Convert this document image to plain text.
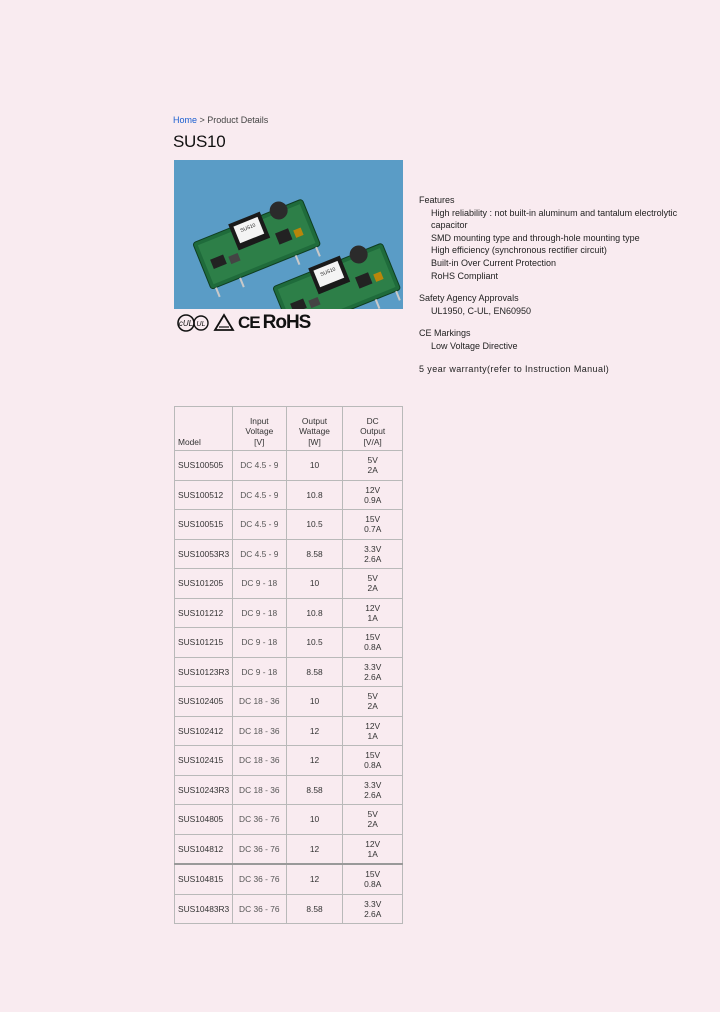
Home > Product Details
SUS10
SUS10
SUS10
cUL UL CE RoHS
Features
High reliability : not built-in aluminum and tantalum electrolytic
capacitor
SMD mounting type and through-hole mounting type
High efficiency (synchronous rectifier circuit)
Built-in Over Current Protection
RoHS Compliant
Safety Agency Approvals
UL1950, C-UL, EN60950
CE Markings
Low Voltage Directive
5 year warranty(refer to Instruction Manual)
Model	Input
Voltage
[V]	Output
Wattage
[W]	DC
Output
[V/A]
SUS100505	DC 4.5 - 9	10	5V
2A
SUS100512	DC 4.5 - 9	10.8	12V
0.9A
SUS100515	DC 4.5 - 9	10.5	15V
0.7A
SUS10053R3	DC 4.5 - 9	8.58	3.3V
2.6A
SUS101205	DC 9 - 18	10	5V
2A
SUS101212	DC 9 - 18	10.8	12V
1A
SUS101215	DC 9 - 18	10.5	15V
0.8A
SUS10123R3	DC 9 - 18	8.58	3.3V
2.6A
SUS102405	DC 18 - 36	10	5V
2A
SUS102412	DC 18 - 36	12	12V
1A
SUS102415	DC 18 - 36	12	15V
0.8A
SUS10243R3	DC 18 - 36	8.58	3.3V
2.6A
SUS104805	DC 36 - 76	10	5V
2A
SUS104812	DC 36 - 76	12	12V
1A
SUS104815	DC 36 - 76	12	15V
0.8A
SUS10483R3	DC 36 - 76	8.58	3.3V
2.6A
